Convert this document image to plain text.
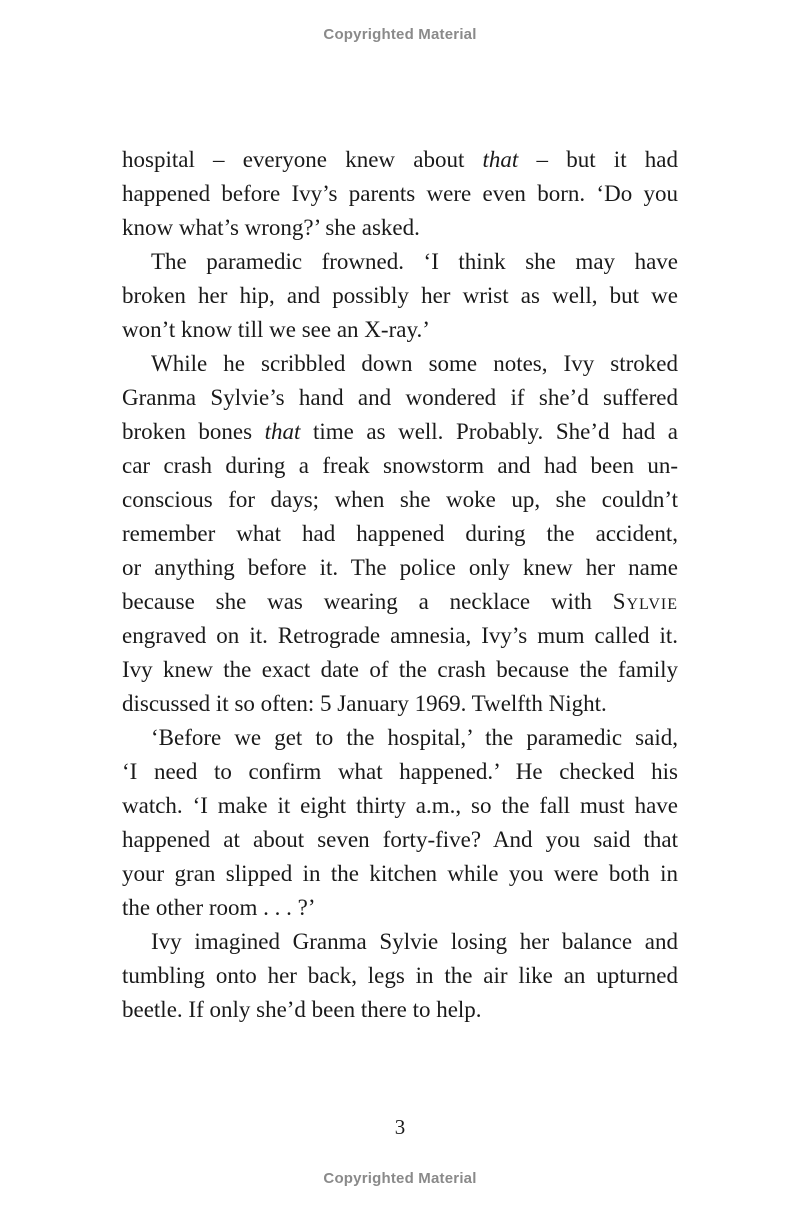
Copyrighted Material
hospital – everyone knew about that – but it had
happened before Ivy’s parents were even born. ‘Do you
know what’s wrong?’ she asked.
The paramedic frowned. ‘I think she may have
broken her hip, and possibly her wrist as well, but we
won’t know till we see an X-ray.’
While he scribbled down some notes, Ivy stroked
Granma Sylvie’s hand and wondered if she’d suffered
broken bones that time as well. Probably. She’d had a
car crash during a freak snowstorm and had been un-
conscious for days; when she woke up, she couldn’t
remember what had happened during the accident,
or anything before it. The police only knew her name
because she was wearing a necklace with Sylvie
engraved on it. Retrograde amnesia, Ivy’s mum called it.
Ivy knew the exact date of the crash because the family
discussed it so often: 5 January 1969. Twelfth Night.
‘Before we get to the hospital,’ the paramedic said,
‘I need to confirm what happened.’ He checked his
watch. ‘I make it eight thirty a.m., so the fall must have
happened at about seven forty-five? And you said that
your gran slipped in the kitchen while you were both in
the other room . . . ?’
Ivy imagined Granma Sylvie losing her balance and
tumbling onto her back, legs in the air like an upturned
beetle. If only she’d been there to help.
3
Copyrighted Material
